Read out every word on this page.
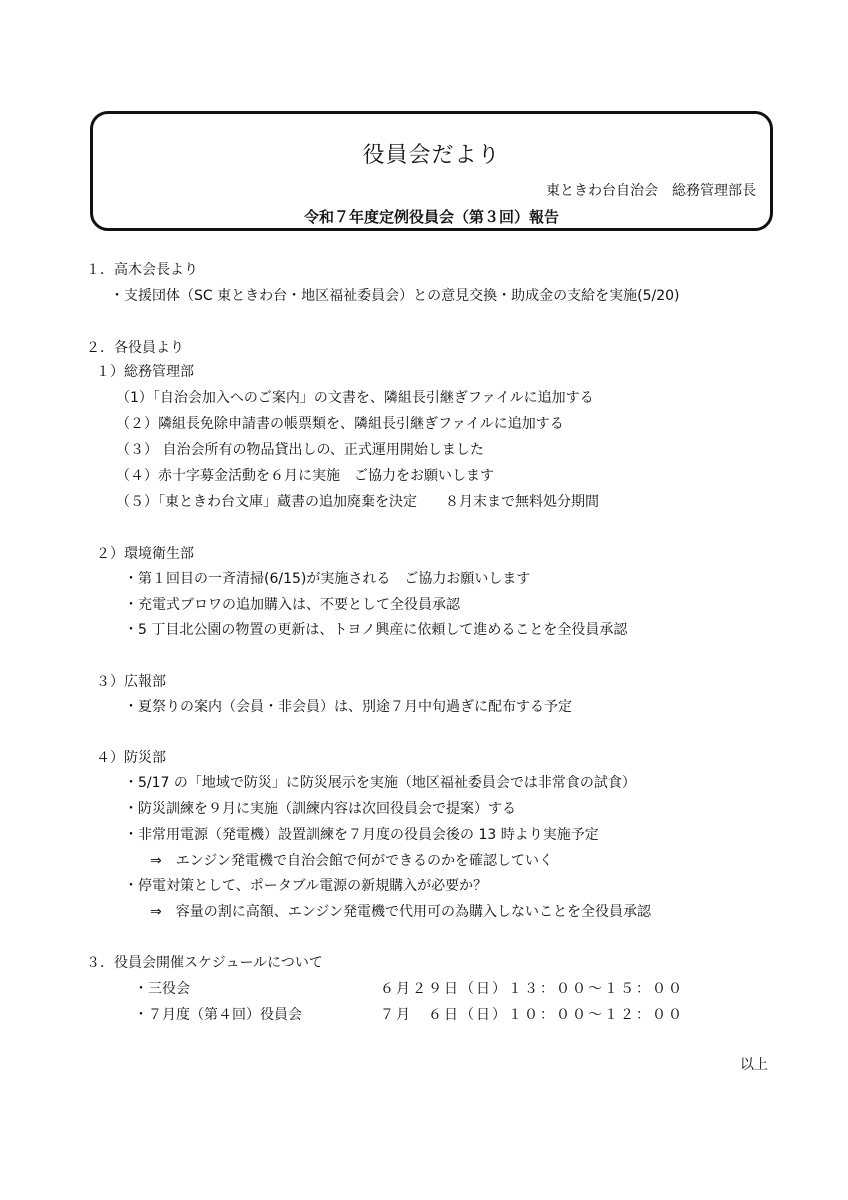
役員会だより
東ときわ台自治会　総務管理部長
令和７年度定例役員会（第３回）報告
１．高木会長より
・支援団体（SC 東ときわ台・地区福祉委員会）との意見交換・助成金の支給を実施(5/20)
２．各役員より
１）総務管理部
（1）「自治会加入へのご案内」の文書を、隣組長引継ぎファイルに追加する
（２）隣組長免除申請書の帳票類を、隣組長引継ぎファイルに追加する
（３） 自治会所有の物品貸出しの、正式運用開始しました
（４）赤十字募金活動を６月に実施　ご協力をお願いします
（５）「東ときわ台文庫」蔵書の追加廃棄を決定　　８月末まで無料処分期間
２）環境衛生部
・第１回目の一斉清掃(6/15)が実施される　ご協力お願いします
・充電式ブロワの追加購入は、不要として全役員承認
・5 丁目北公園の物置の更新は、トヨノ興産に依頼して進めることを全役員承認
３）広報部
・夏祭りの案内（会員・非会員）は、別途７月中旬過ぎに配布する予定
４）防災部
・5/17 の「地域で防災」に防災展示を実施（地区福祉委員会では非常食の試食）
・防災訓練を９月に実施（訓練内容は次回役員会で提案）する
・非常用電源（発電機）設置訓練を７月度の役員会後の 13 時より実施予定
⇒　エンジン発電機で自治会館で何ができるのかを確認していく
・停電対策として、ポータブル電源の新規購入が必要か？
⇒　容量の割に高額、エンジン発電機で代用可の為購入しないことを全役員承認
３．役員会開催スケジュールについて
・三役会	６月２９日（日）１３：００～１５：００
・７月度（第４回）役員会	７月　６日（日）１０：００～１２：００
以上
